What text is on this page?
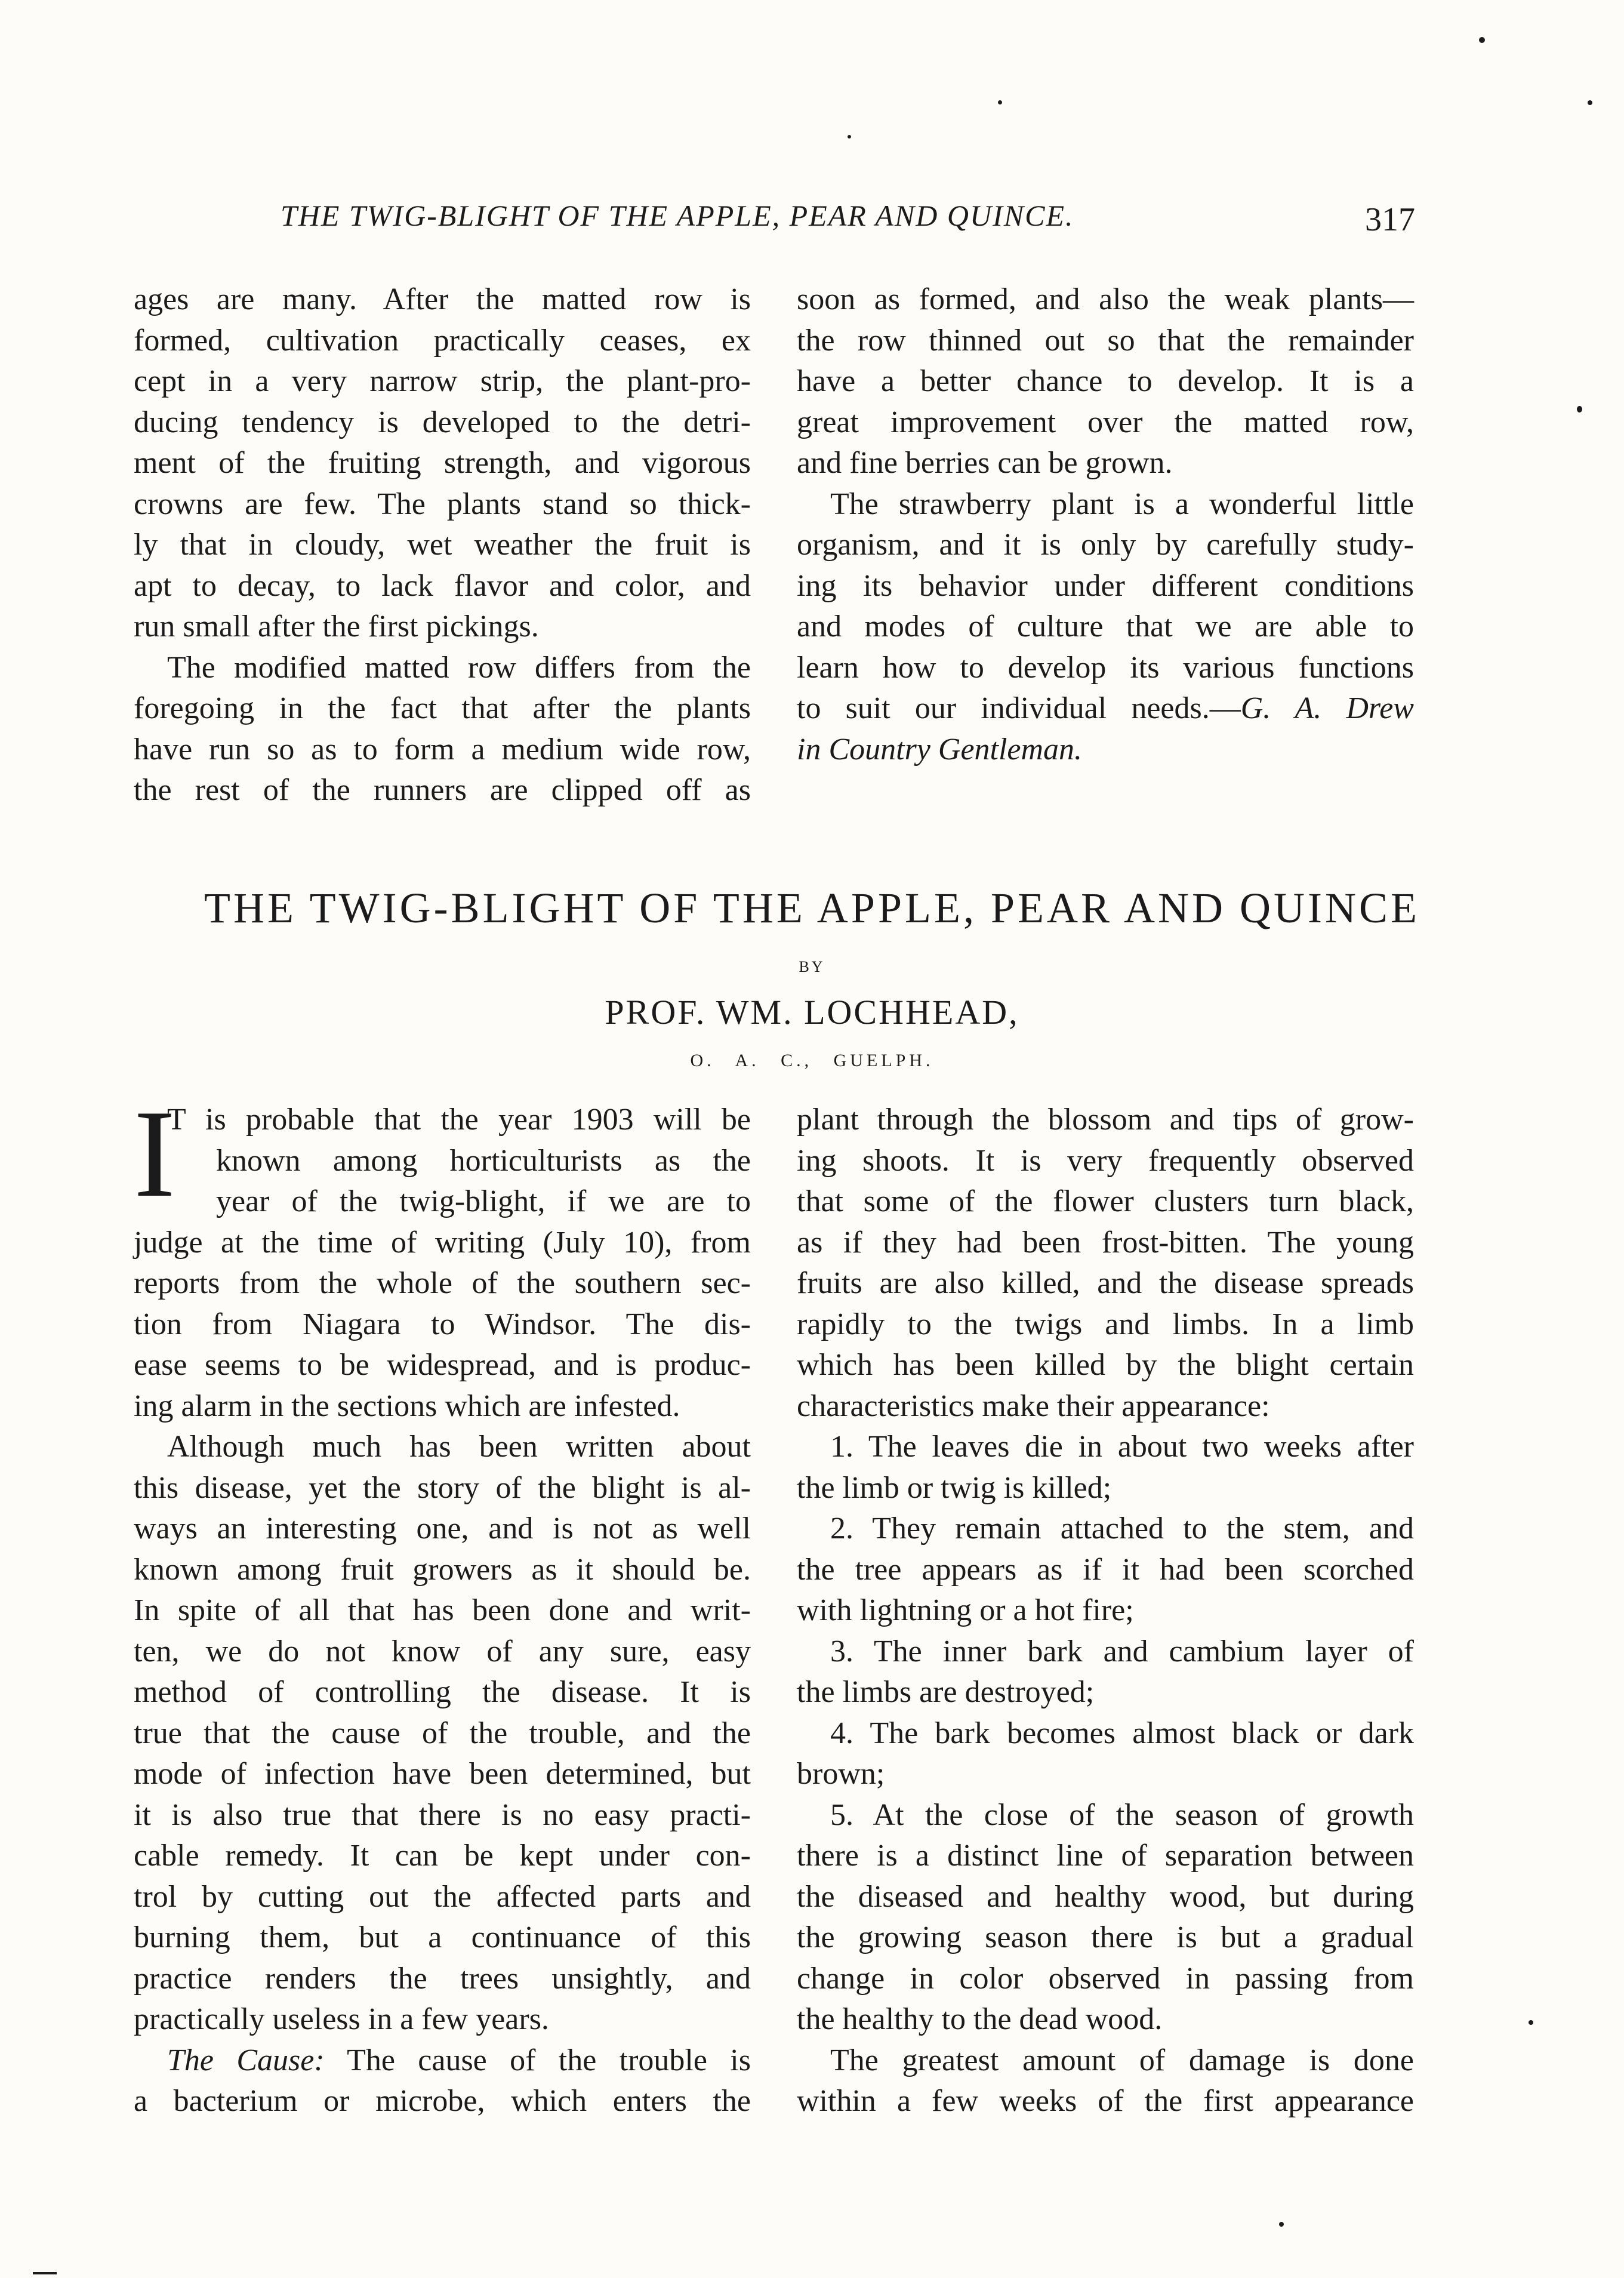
THE TWIG-BLIGHT OF THE APPLE, PEAR AND QUINCE.	317
ages are many. After the matted row is
formed, cultivation practically ceases, ex
cept in a very narrow strip, the plant-pro-
ducing tendency is developed to the detri-
ment of the fruiting strength, and vigorous
crowns are few. The plants stand so thick-
ly that in cloudy, wet weather the fruit is
apt to decay, to lack flavor and color, and
run small after the first pickings.
The modified matted row differs from the
foregoing in the fact that after the plants
have run so as to form a medium wide row,
the rest of the runners are clipped off as
soon as formed, and also the weak plants—
the row thinned out so that the remainder
have a better chance to develop. It is a
great improvement over the matted row,
and fine berries can be grown.
The strawberry plant is a wonderful little
organism, and it is only by carefully study-
ing its behavior under different conditions
and modes of culture that we are able to
learn how to develop its various functions
to suit our individual needs.—G. A. Drew
in Country Gentleman.
THE TWIG-BLIGHT OF THE APPLE, PEAR AND QUINCE
BY
PROF. WM. LOCHHEAD,
O. A. C., GUELPH.
I
T is probable that the year 1903 will be
known among horticulturists as the
year of the twig-blight, if we are to
judge at the time of writing (July 10), from
reports from the whole of the southern sec-
tion from Niagara to Windsor. The dis-
ease seems to be widespread, and is produc-
ing alarm in the sections which are infested.
Although much has been written about
this disease, yet the story of the blight is al-
ways an interesting one, and is not as well
known among fruit growers as it should be.
In spite of all that has been done and writ-
ten, we do not know of any sure, easy
method of controlling the disease. It is
true that the cause of the trouble, and the
mode of infection have been determined, but
it is also true that there is no easy practi-
cable remedy. It can be kept under con-
trol by cutting out the affected parts and
burning them, but a continuance of this
practice renders the trees unsightly, and
practically useless in a few years.
The Cause: The cause of the trouble is
a bacterium or microbe, which enters the
plant through the blossom and tips of grow-
ing shoots. It is very frequently observed
that some of the flower clusters turn black,
as if they had been frost-bitten. The young
fruits are also killed, and the disease spreads
rapidly to the twigs and limbs. In a limb
which has been killed by the blight certain
characteristics make their appearance:
1. The leaves die in about two weeks after
the limb or twig is killed;
2. They remain attached to the stem, and
the tree appears as if it had been scorched
with lightning or a hot fire;
3. The inner bark and cambium layer of
the limbs are destroyed;
4. The bark becomes almost black or dark
brown;
5. At the close of the season of growth
there is a distinct line of separation between
the diseased and healthy wood, but during
the growing season there is but a gradual
change in color observed in passing from
the healthy to the dead wood.
The greatest amount of damage is done
within a few weeks of the first appearance
